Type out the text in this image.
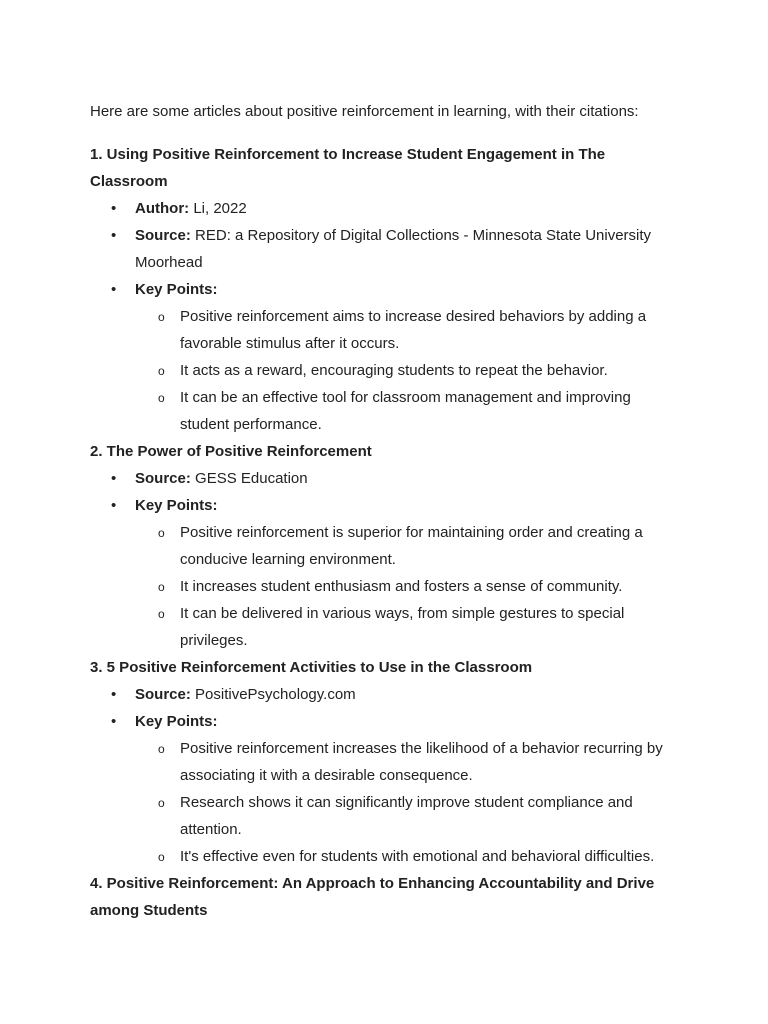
Here are some articles about positive reinforcement in learning, with their citations:

1. Using Positive Reinforcement to Increase Student Engagement in The Classroom

• Author: Li, 2022
• Source: RED: a Repository of Digital Collections - Minnesota State University Moorhead
• Key Points:
o Positive reinforcement aims to increase desired behaviors by adding a favorable stimulus after it occurs.
o It acts as a reward, encouraging students to repeat the behavior.
o It can be an effective tool for classroom management and improving student performance.

2. The Power of Positive Reinforcement

• Source: GESS Education
• Key Points:
o Positive reinforcement is superior for maintaining order and creating a conducive learning environment.
o It increases student enthusiasm and fosters a sense of community.
o It can be delivered in various ways, from simple gestures to special privileges.

3. 5 Positive Reinforcement Activities to Use in the Classroom

• Source: PositivePsychology.com
• Key Points:
o Positive reinforcement increases the likelihood of a behavior recurring by associating it with a desirable consequence.
o Research shows it can significantly improve student compliance and attention.
o It's effective even for students with emotional and behavioral difficulties.

4. Positive Reinforcement: An Approach to Enhancing Accountability and Drive among Students
